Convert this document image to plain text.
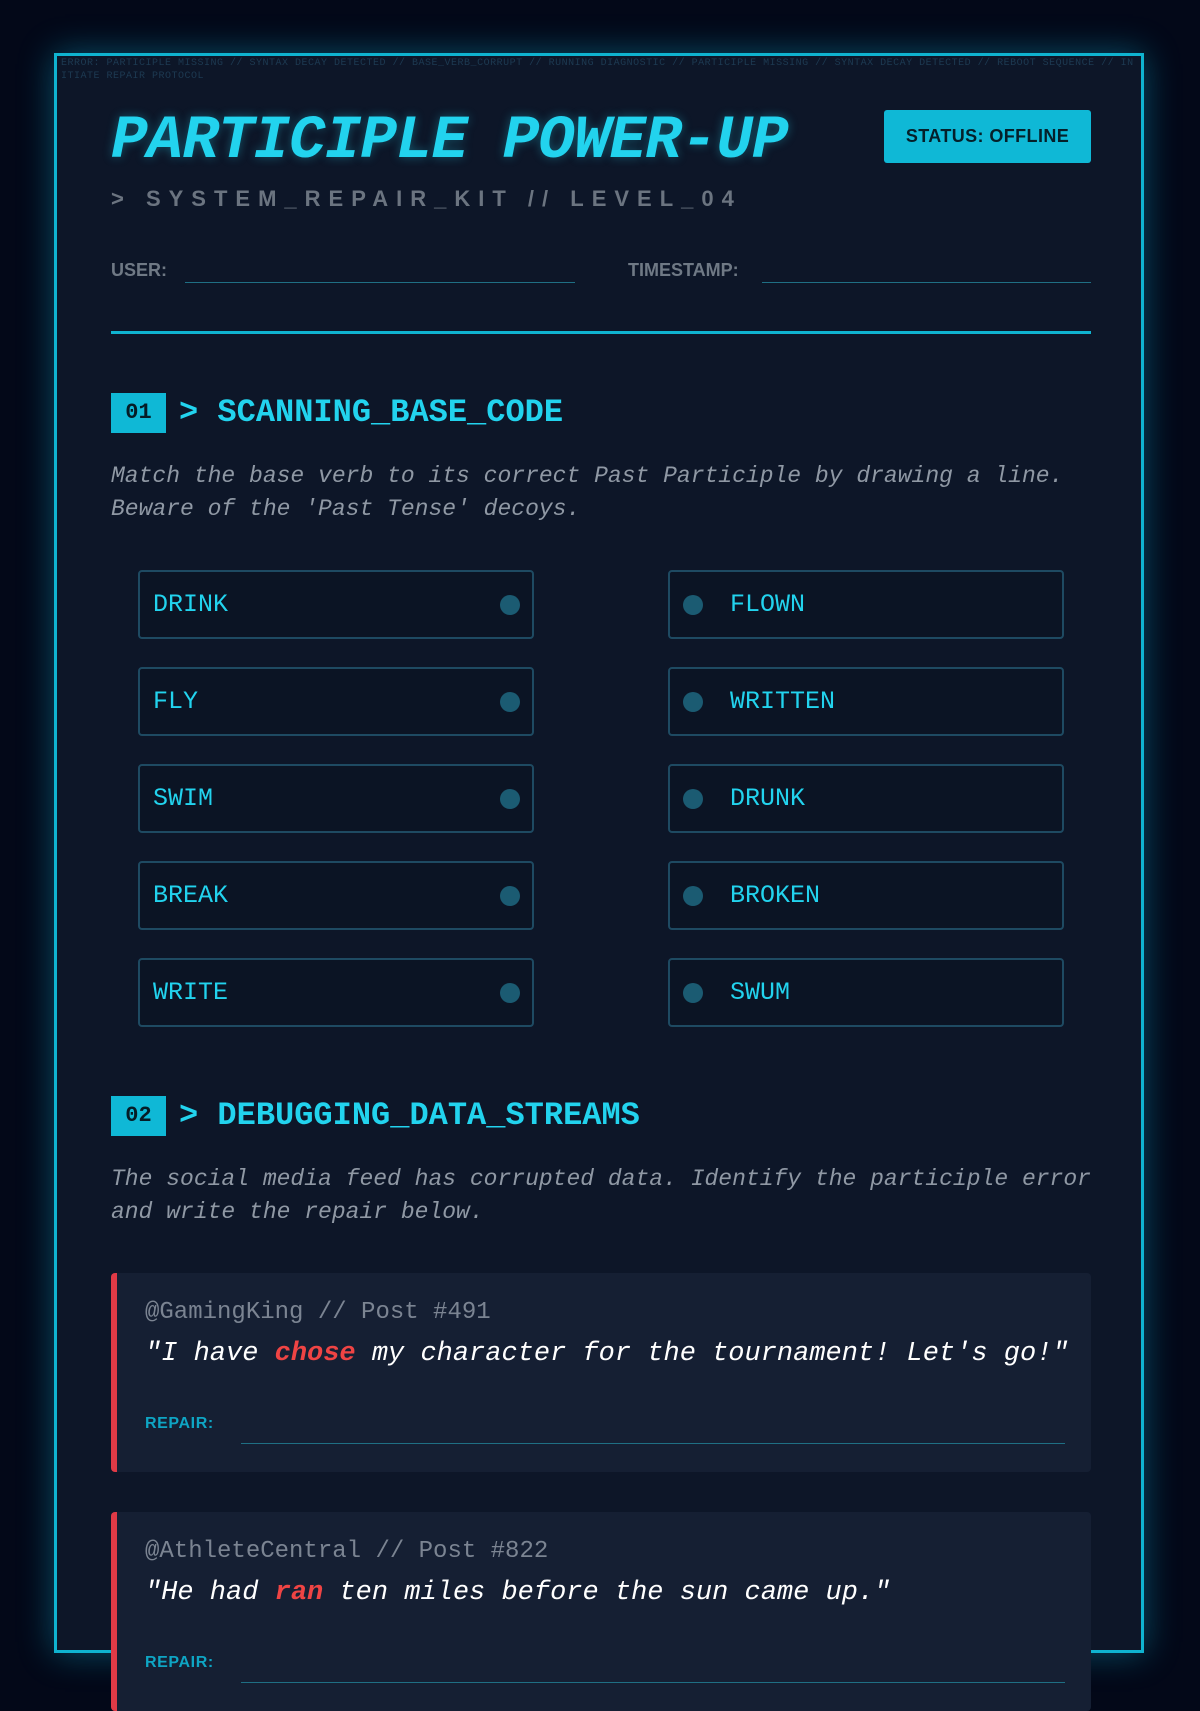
ERROR: PARTICIPLE MISSING // SYNTAX DECAY DETECTED // BASE_VERB_CORRUPT // RUNNING DIAGNOSTIC // PARTICIPLE MISSING // SYNTAX DECAY DETECTED // REBOOT SEQUENCE // INITIATE REPAIR PROTOCOL
PARTICIPLE POWER-UP	STATUS: OFFLINE
> SYSTEM_REPAIR_KIT // LEVEL_04
USER:	TIMESTAMP:
01 > SCANNING_BASE_CODE

Match the base verb to its correct Past Participle by drawing a line. Beware of the 'Past Tense' decoys.

DRINK
FLY
SWIM
BREAK
WRITE
FLOWN
WRITTEN
DRUNK
BROKEN
SWUM
02 > DEBUGGING_DATA_STREAMS

The social media feed has corrupted data. Identify the participle error and write the repair below.

@GamingKing // Post #491
"I have chose my character for the tournament! Let's go!"
REPAIR:
@AthleteCentral // Post #822
"He had ran ten miles before the sun came up."
REPAIR:
